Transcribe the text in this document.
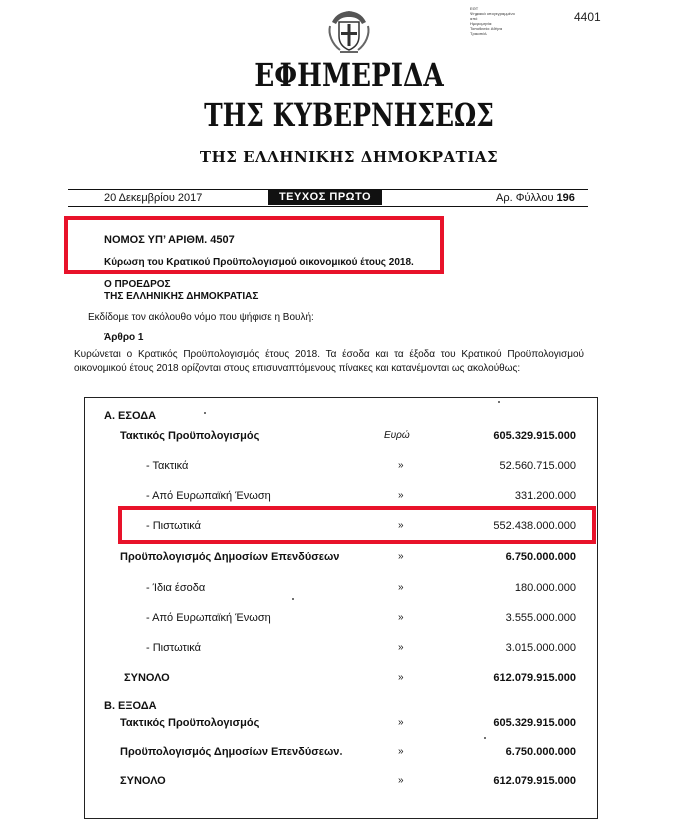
ΕΘΤ
Ψηφιακά υπογεγραμμένο
από
Ημερομηνία:
Τοποθεσία: Αθήνα
Τρικοπάλ
4401
ΕΦΗΜΕΡΙΔΑ
ΤΗΣ ΚΥΒΕΡΝΗΣΕΩΣ
ΤΗΣ ΕΛΛΗΝΙΚΗΣ ΔΗΜΟΚΡΑΤΙΑΣ
20 Δεκεμβρίου 2017	ΤΕΥΧΟΣ ΠΡΩΤΟ	Αρ. Φύλλου 196
ΝΟΜΟΣ ΥΠ’ ΑΡΙΘΜ. 4507
Κύρωση του Κρατικού Προϋπολογισμού οικονομικού έτους 2018.
Ο ΠΡΟΕΔΡΟΣ
ΤΗΣ ΕΛΛΗΝΙΚΗΣ ΔΗΜΟΚΡΑΤΙΑΣ
Εκδίδομε τον ακόλουθο νόμο που ψήφισε η Βουλή:
Άρθρο 1
Κυρώνεται ο Κρατικός Προϋπολογισμός έτους 2018. Τα έσοδα και τα έξοδα του Κρατικού Προϋπολογισμού οικονομικού έτους 2018 ορίζονται στους επισυναπτόμενους πίνακες και κατανέμονται ως ακολούθως:
Α. ΕΣΟΔΑ
Τακτικός Προϋπολογισμός	Ευρώ	605.329.915.000
- Τακτικά	»	52.560.715.000
- Από Ευρωπαϊκή Ένωση	»	331.200.000
- Πιστωτικά	»	552.438.000.000
Προϋπολογισμός Δημοσίων Επενδύσεων	»	6.750.000.000
- Ίδια έσοδα	»	180.000.000
- Από Ευρωπαϊκή Ένωση	»	3.555.000.000
- Πιστωτικά	»	3.015.000.000
ΣΥΝΟΛΟ	»	612.079.915.000
Β. ΕΞΟΔΑ
Τακτικός Προϋπολογισμός	»	605.329.915.000
Προϋπολογισμός Δημοσίων Επενδύσεων	»	6.750.000.000
ΣΥΝΟΛΟ	»	612.079.915.000
